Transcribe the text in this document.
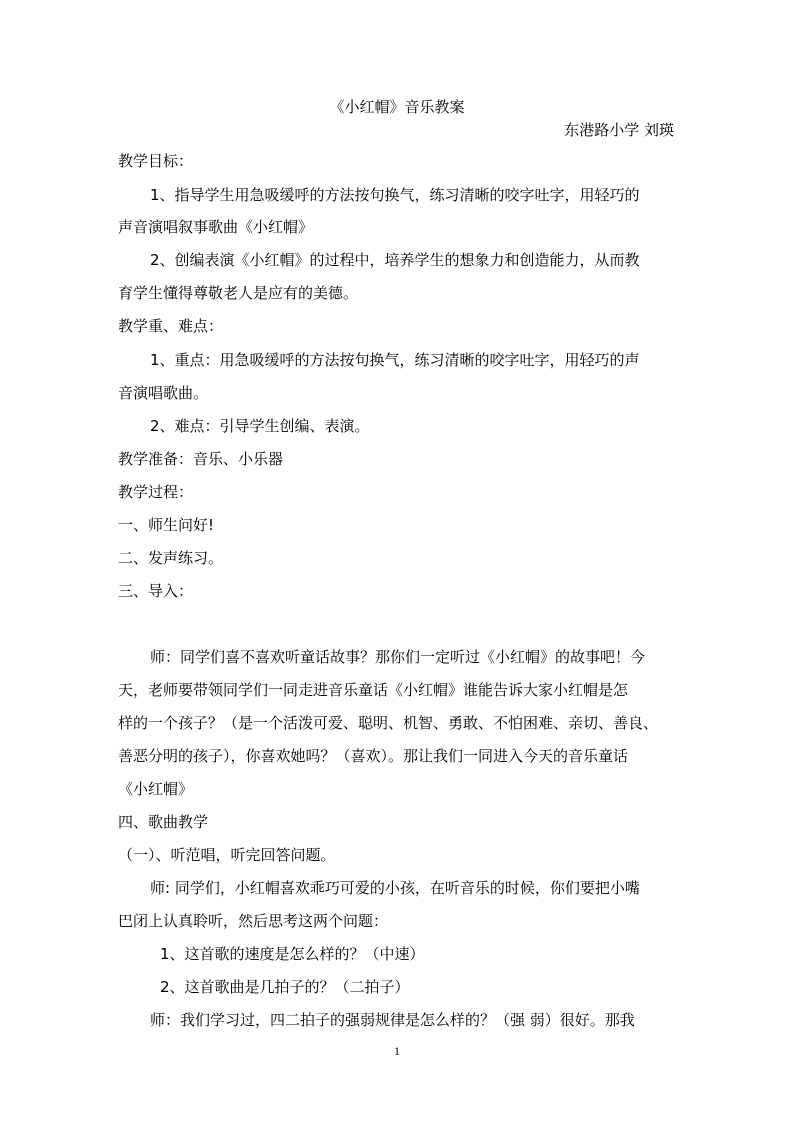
《小红帽》音乐教案
东港路小学 刘瑛
教学目标：
1、指导学生用急吸缓呼的方法按句换气，练习清晰的咬字吐字，用轻巧的
声音演唱叙事歌曲《小红帽》
2、创编表演《小红帽》的过程中，培养学生的想象力和创造能力，从而教
育学生懂得尊敬老人是应有的美德。
教学重、难点：
1、重点：用急吸缓呼的方法按句换气，练习清晰的咬字吐字，用轻巧的声
音演唱歌曲。
2、难点：引导学生创编、表演。
教学准备：音乐、小乐器
教学过程：
一、师生问好!
二、发声练习。
三、导入：
师：同学们喜不喜欢听童话故事？那你们一定听过《小红帽》的故事吧！今
天，老师要带领同学们一同走进音乐童话《小红帽》谁能告诉大家小红帽是怎
样的一个孩子？（是一个活泼可爱、聪明、机智、勇敢、不怕困难、亲切、善良、
善恶分明的孩子），你喜欢她吗？（喜欢）。那让我们一同进入今天的音乐童话
《小红帽》
四、歌曲教学
（一）、听范唱，听完回答问题。
师: 同学们，小红帽喜欢乖巧可爱的小孩，在听音乐的时候，你们要把小嘴
巴闭上认真聆听，然后思考这两个问题：
1、这首歌的速度是怎么样的？（中速）
2、这首歌曲是几拍子的？（二拍子）
师：我们学习过，四二拍子的强弱规律是怎么样的？（强 弱）很好。那我
1
